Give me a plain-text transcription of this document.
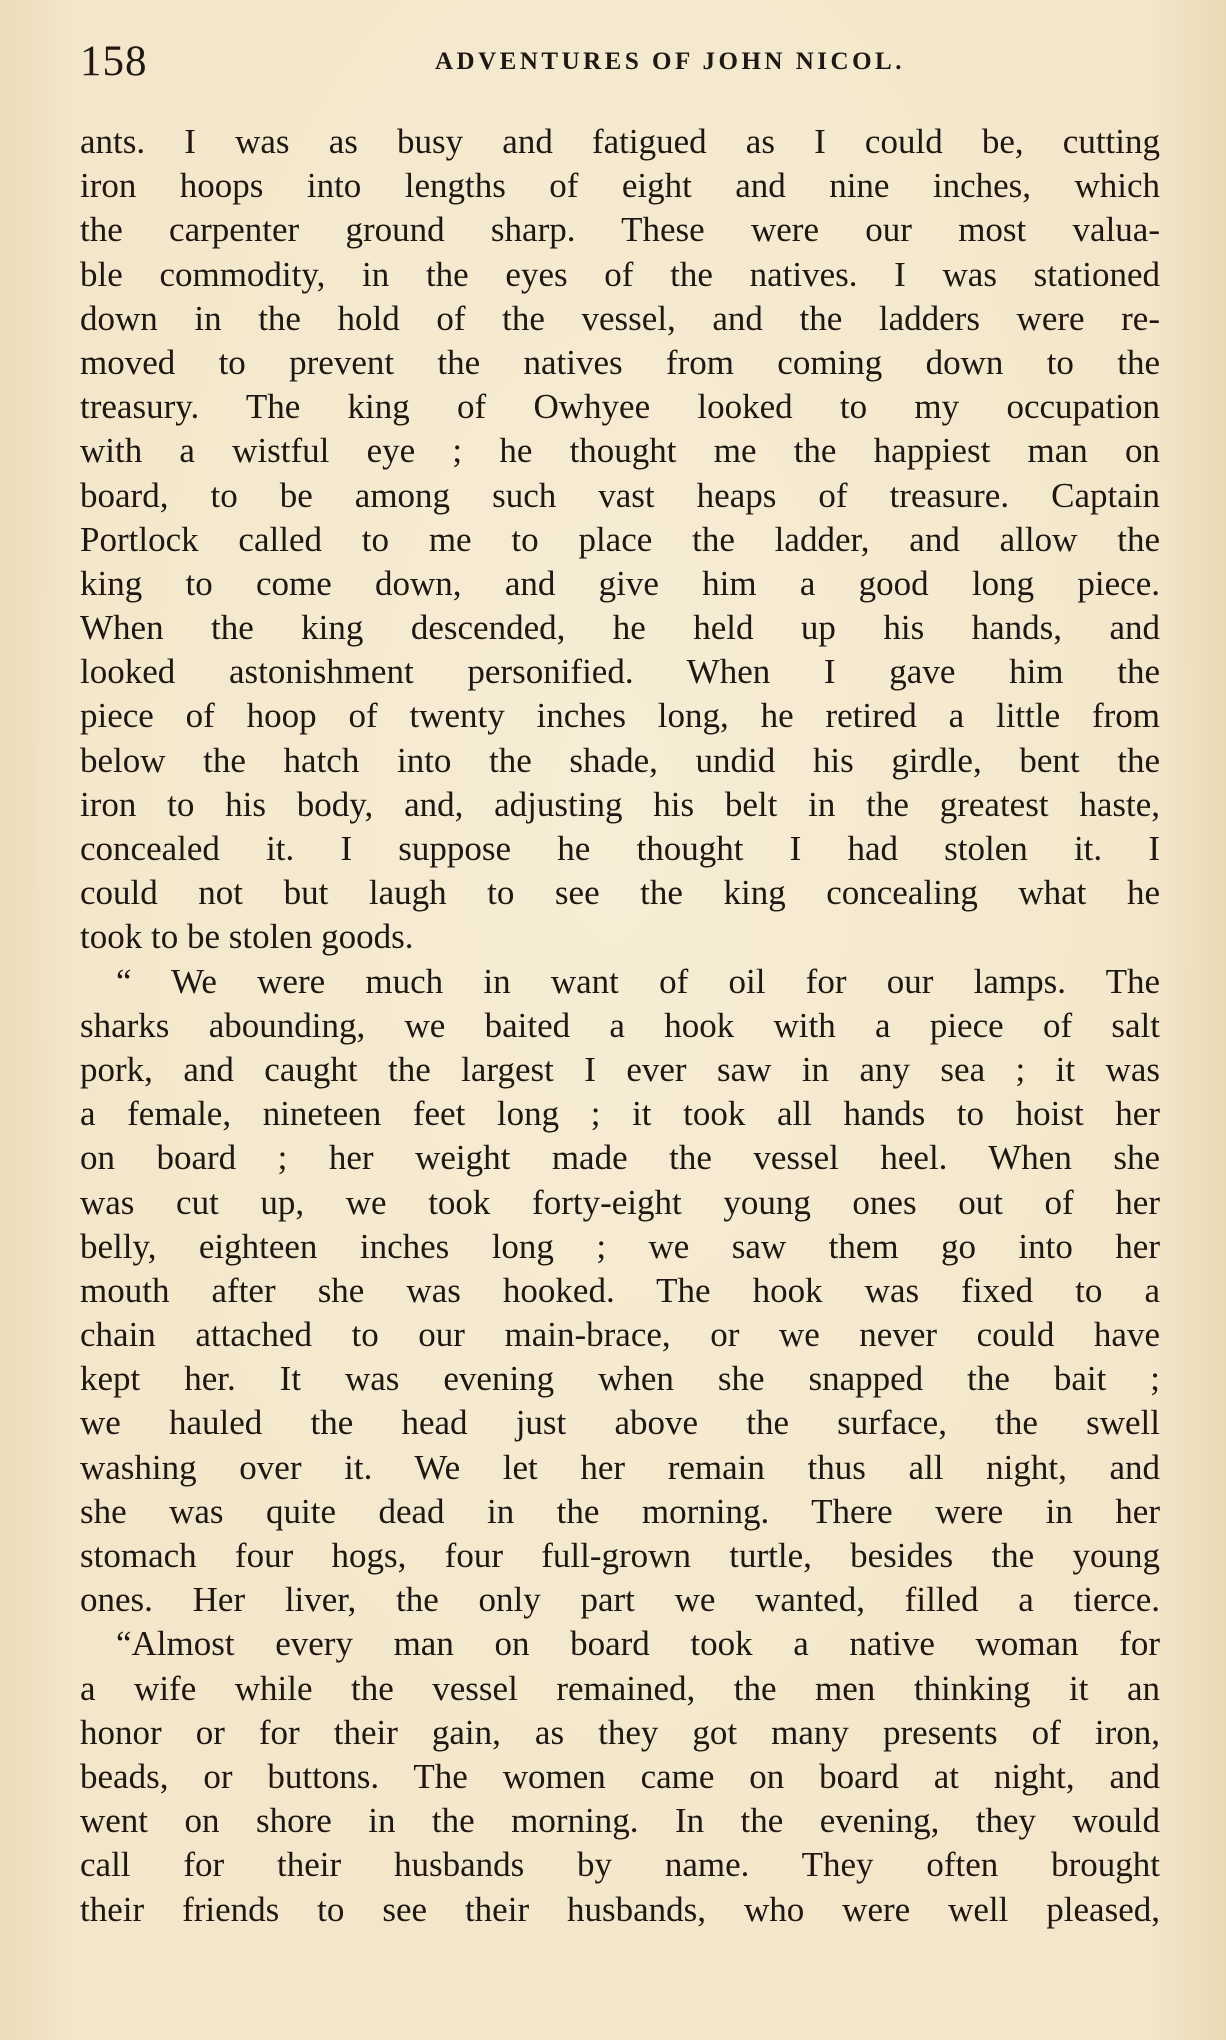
158	ADVENTURES OF JOHN NICOL.
ants. I was as busy and fatigued as I could be, cutting
iron hoops into lengths of eight and nine inches, which
the carpenter ground sharp. These were our most valua-
ble commodity, in the eyes of the natives. I was stationed
down in the hold of the vessel, and the ladders were re-
moved to prevent the natives from coming down to the
treasury. The king of Owhyee looked to my occupation
with a wistful eye ; he thought me the happiest man on
board, to be among such vast heaps of treasure. Captain
Portlock called to me to place the ladder, and allow the
king to come down, and give him a good long piece.
When the king descended, he held up his hands, and
looked astonishment personified. When I gave him the
piece of hoop of twenty inches long, he retired a little from
below the hatch into the shade, undid his girdle, bent the
iron to his body, and, adjusting his belt in the greatest haste,
concealed it. I suppose he thought I had stolen it. I
could not but laugh to see the king concealing what he
took to be stolen goods.
“ We were much in want of oil for our lamps. The
sharks abounding, we baited a hook with a piece of salt
pork, and caught the largest I ever saw in any sea ; it was
a female, nineteen feet long ; it took all hands to hoist her
on board ; her weight made the vessel heel. When she
was cut up, we took forty-eight young ones out of her
belly, eighteen inches long ; we saw them go into her
mouth after she was hooked. The hook was fixed to a
chain attached to our main-brace, or we never could have
kept her. It was evening when she snapped the bait ;
we hauled the head just above the surface, the swell
washing over it. We let her remain thus all night, and
she was quite dead in the morning. There were in her
stomach four hogs, four full-grown turtle, besides the young
ones. Her liver, the only part we wanted, filled a tierce.
“Almost every man on board took a native woman for
a wife while the vessel remained, the men thinking it an
honor or for their gain, as they got many presents of iron,
beads, or buttons. The women came on board at night, and
went on shore in the morning. In the evening, they would
call for their husbands by name. They often brought
their friends to see their husbands, who were well pleased,
